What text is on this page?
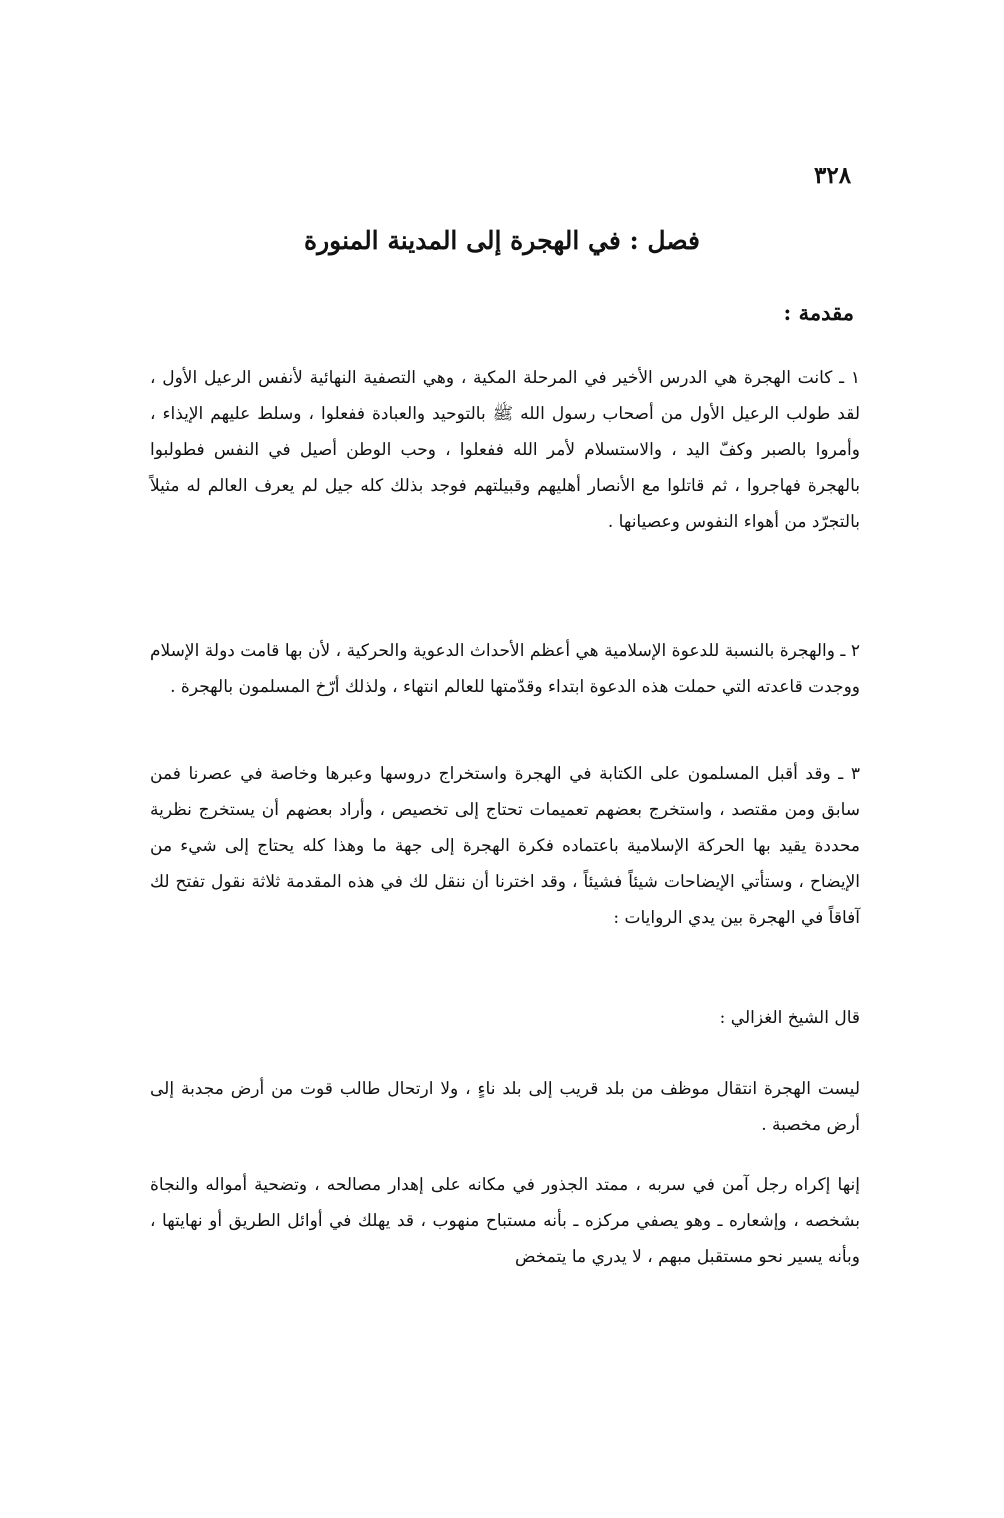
٣٢٨
فصل : في الهجرة إلى المدينة المنورة
مقدمة :

١ ـ كانت الهجرة هي الدرس الأخير في المرحلة المكية ، وهي التصفية النهائية لأنفس الرعيل الأول ، لقد طولب الرعيل الأول من أصحاب رسول الله ﷺ بالتوحيد والعبادة ففعلوا ، وسلط عليهم الإيذاء ، وأمروا بالصبر وكفّ اليد ، والاستسلام لأمر الله ففعلوا ، وحب الوطن أصيل في النفس فطولبوا بالهجرة فهاجروا ، ثم قاتلوا مع الأنصار أهليهم وقبيلتهم فوجد بذلك كله جيل لم يعرف العالم له مثيلاً بالتجرّد من أهواء النفوس وعصيانها .

٢ ـ والهجرة بالنسبة للدعوة الإسلامية هي أعظم الأحداث الدعوية والحركية ، لأن بها قامت دولة الإسلام ووجدت قاعدته التي حملت هذه الدعوة ابتداء وقدّمتها للعالم انتهاء ، ولذلك أرّخ المسلمون بالهجرة .

٣ ـ وقد أقبل المسلمون على الكتابة في الهجرة واستخراج دروسها وعبرها وخاصة في عصرنا فمن سابق ومن مقتصد ، واستخرج بعضهم تعميمات تحتاج إلى تخصيص ، وأراد بعضهم أن يستخرج نظرية محددة يقيد بها الحركة الإسلامية باعتماده فكرة الهجرة إلى جهة ما وهذا كله يحتاج إلى شيء من الإيضاح ، وستأتي الإيضاحات شيئاً فشيئاً ، وقد اخترنا أن ننقل لك في هذه المقدمة ثلاثة نقول تفتح لك آفاقاً في الهجرة بين يدي الروايات :

قال الشيخ الغزالي :

ليست الهجرة انتقال موظف من بلد قريب إلى بلد ناءٍ ، ولا ارتحال طالب قوت من أرض مجدبة إلى أرض مخصبة .

إنها إكراه رجل آمن في سربه ، ممتد الجذور في مكانه على إهدار مصالحه ، وتضحية أمواله والنجاة بشخصه ، وإشعاره ـ وهو يصفي مركزه ـ بأنه مستباح منهوب ، قد يهلك في أوائل الطريق أو نهايتها ، وبأنه يسير نحو مستقبل مبهم ، لا يدري ما يتمخض
